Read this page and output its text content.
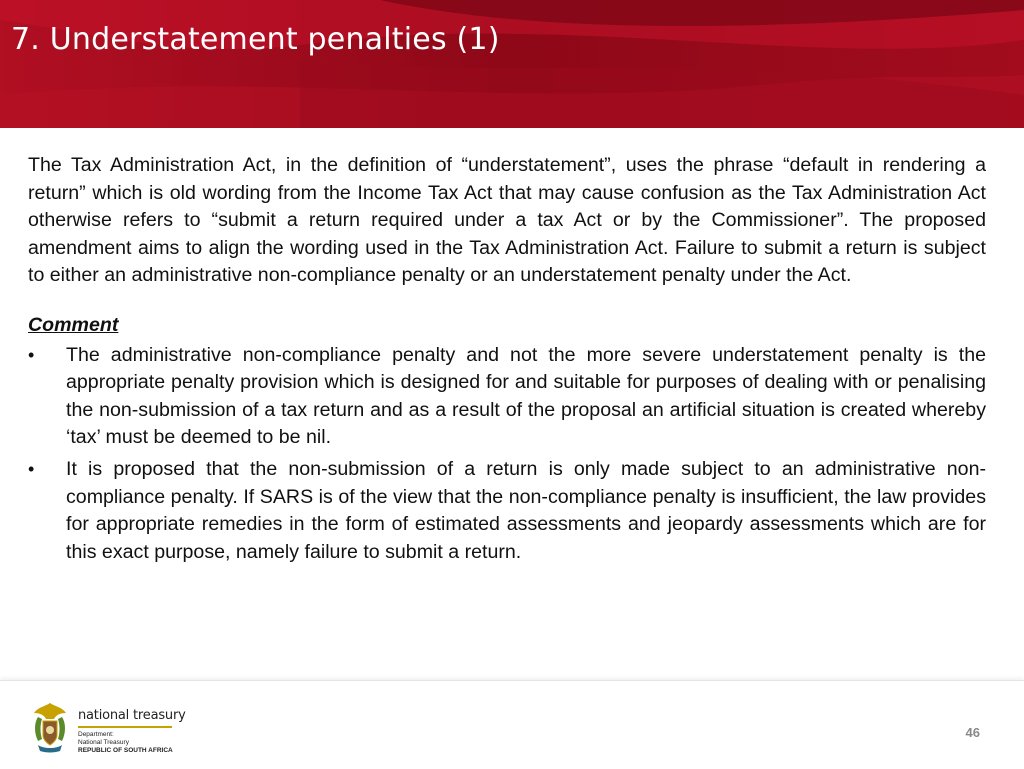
7. Understatement penalties (1)

The Tax Administration Act, in the definition of “understatement”, uses the phrase “default in rendering a return” which is old wording from the Income Tax Act that may cause confusion as the Tax Administration Act otherwise refers to “submit a return required under a tax Act or by the Commissioner”. The proposed amendment aims to align the wording used in the Tax Administration Act. Failure to submit a return is subject to either an administrative non-compliance penalty or an understatement penalty under the Act.

Comment

• The administrative non-compliance penalty and not the more severe understatement penalty is the appropriate penalty provision which is designed for and suitable for purposes of dealing with or penalising the non-submission of a tax return and as a result of the proposal an artificial situation is created whereby ‘tax’ must be deemed to be nil.
• It is proposed that the non-submission of a return is only made subject to an administrative non-compliance penalty. If SARS is of the view that the non-compliance penalty is insufficient, the law provides for appropriate remedies in the form of estimated assessments and jeopardy assessments which are for this exact purpose, namely failure to submit a return.
national treasury
Department:
National Treasury
REPUBLIC OF SOUTH AFRICA
46
